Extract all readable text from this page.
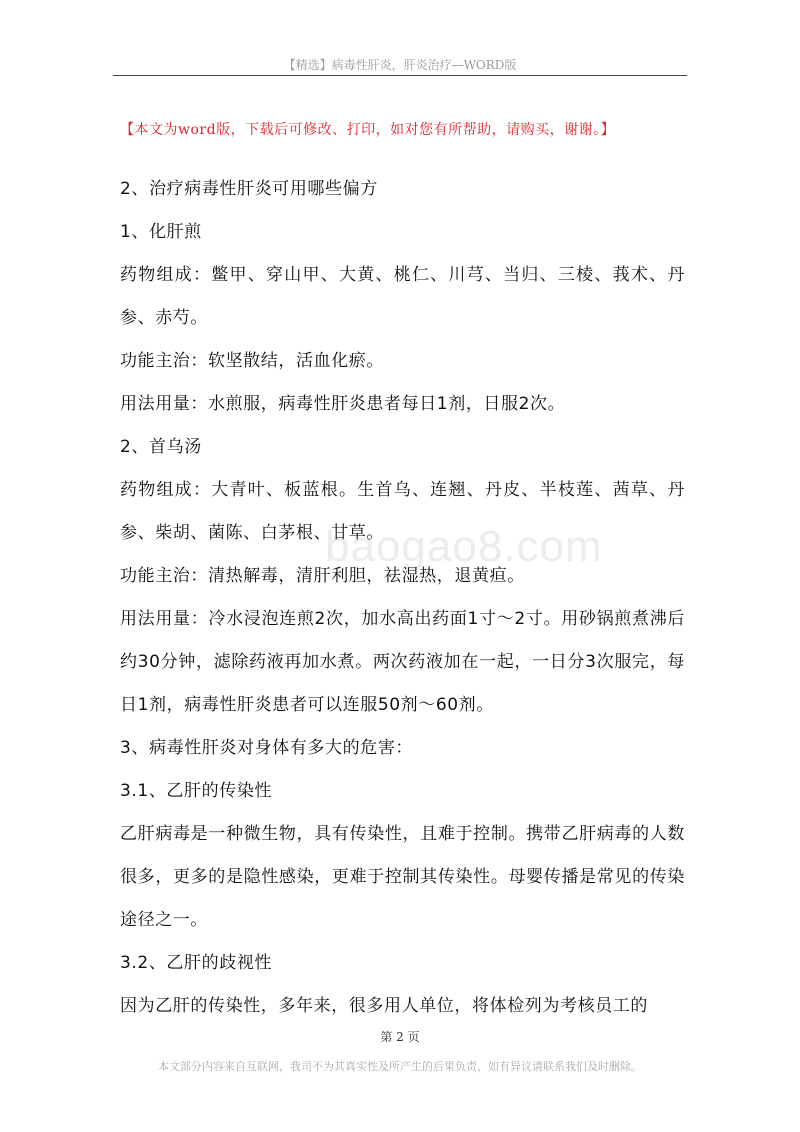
【精选】病毒性肝炎，肝炎治疗—WORD版
baogao8.com
【本文为word版，下载后可修改、打印，如对您有所帮助，请购买，谢谢。】

2、治疗病毒性肝炎可用哪些偏方

1、化肝煎

药物组成：鳖甲、穿山甲、大黄、桃仁、川芎、当归、三棱、莪术、丹参、赤芍。

功能主治：软坚散结，活血化瘀。

用法用量：水煎服，病毒性肝炎患者每日1剂，日服2次。

2、首乌汤

药物组成：大青叶、板蓝根。生首乌、连翘、丹皮、半枝莲、茜草、丹参、柴胡、菌陈、白茅根、甘草。

功能主治：清热解毒，清肝利胆，祛湿热，退黄疸。

用法用量：冷水浸泡连煎2次，加水高出药面1寸～2寸。用砂锅煎煮沸后约30分钟，滤除药液再加水煮。两次药液加在一起，一日分3次服完，每日1剂，病毒性肝炎患者可以连服50剂～60剂。

3、病毒性肝炎对身体有多大的危害：

3.1、乙肝的传染性

乙肝病毒是一种微生物，具有传染性，且难于控制。携带乙肝病毒的人数很多，更多的是隐性感染，更难于控制其传染性。母婴传播是常见的传染途径之一。

3.2、乙肝的歧视性

因为乙肝的传染性，多年来，很多用人单位，将体检列为考核员工的

第 2 页
本文部分内容来自互联网，我司不为其真实性及所产生的后果负责，如有异议请联系我们及时删除。
